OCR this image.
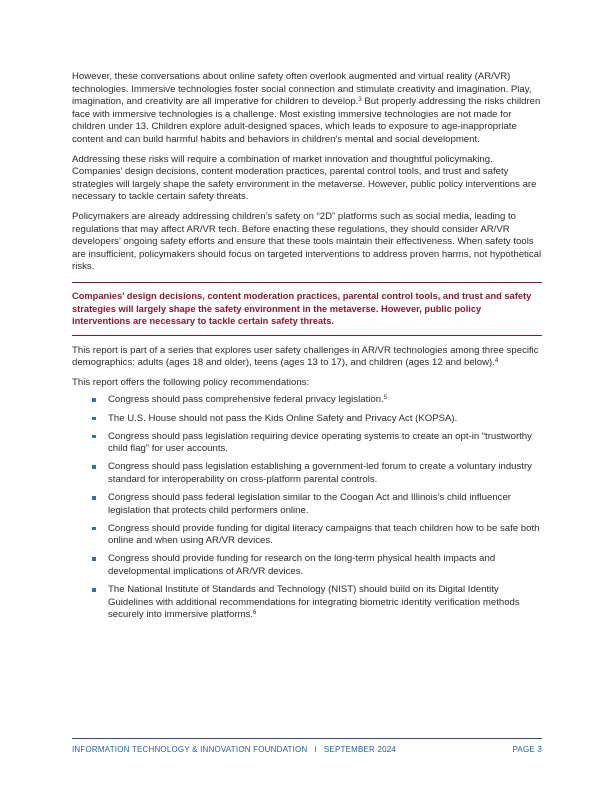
However, these conversations about online safety often overlook augmented and virtual reality (AR/VR) technologies. Immersive technologies foster social connection and stimulate creativity and imagination. Play, imagination, and creativity are all imperative for children to develop.$^3$ But properly addressing the risks children face with immersive technologies is a challenge. Most existing immersive technologies are not made for children under 13. Children explore adult-designed spaces, which leads to exposure to age-inappropriate content and can build harmful habits and behaviors in children’s mental and social development.

Addressing these risks will require a combination of market innovation and thoughtful policymaking. Companies’ design decisions, content moderation practices, parental control tools, and trust and safety strategies will largely shape the safety environment in the metaverse. However, public policy interventions are necessary to tackle certain safety threats.

Policymakers are already addressing children’s safety on “2D” platforms such as social media, leading to regulations that may affect AR/VR tech. Before enacting these regulations, they should consider AR/VR developers’ ongoing safety efforts and ensure that these tools maintain their effectiveness. When safety tools are insufficient, policymakers should focus on targeted interventions to address proven harms, not hypothetical risks.

Companies’ design decisions, content moderation practices, parental control tools, and trust and safety strategies will largely shape the safety environment in the metaverse. However, public policy interventions are necessary to tackle certain safety threats.

This report is part of a series that explores user safety challenges in AR/VR technologies among three specific demographics: adults (ages 18 and older), teens (ages 13 to 17), and children (ages 12 and below).$^4$

This report offers the following policy recommendations:

Congress should pass comprehensive federal privacy legislation.$^5$
The U.S. House should not pass the Kids Online Safety and Privacy Act (KOPSA).
Congress should pass legislation requiring device operating systems to create an opt-in “trustworthy child flag” for user accounts.
Congress should pass legislation establishing a government-led forum to create a voluntary industry standard for interoperability on cross-platform parental controls.
Congress should pass federal legislation similar to the Coogan Act and Illinois’s child influencer legislation that protects child performers online.
Congress should provide funding for digital literacy campaigns that teach children how to be safe both online and when using AR/VR devices.
Congress should provide funding for research on the long-term physical health impacts and developmental implications of AR/VR devices.
The National Institute of Standards and Technology (NIST) should build on its Digital Identity Guidelines with additional recommendations for integrating biometric identity verification methods securely into immersive platforms.$^6$
INFORMATION TECHNOLOGY & INNOVATION FOUNDATION I SEPTEMBER 2024	PAGE 3
